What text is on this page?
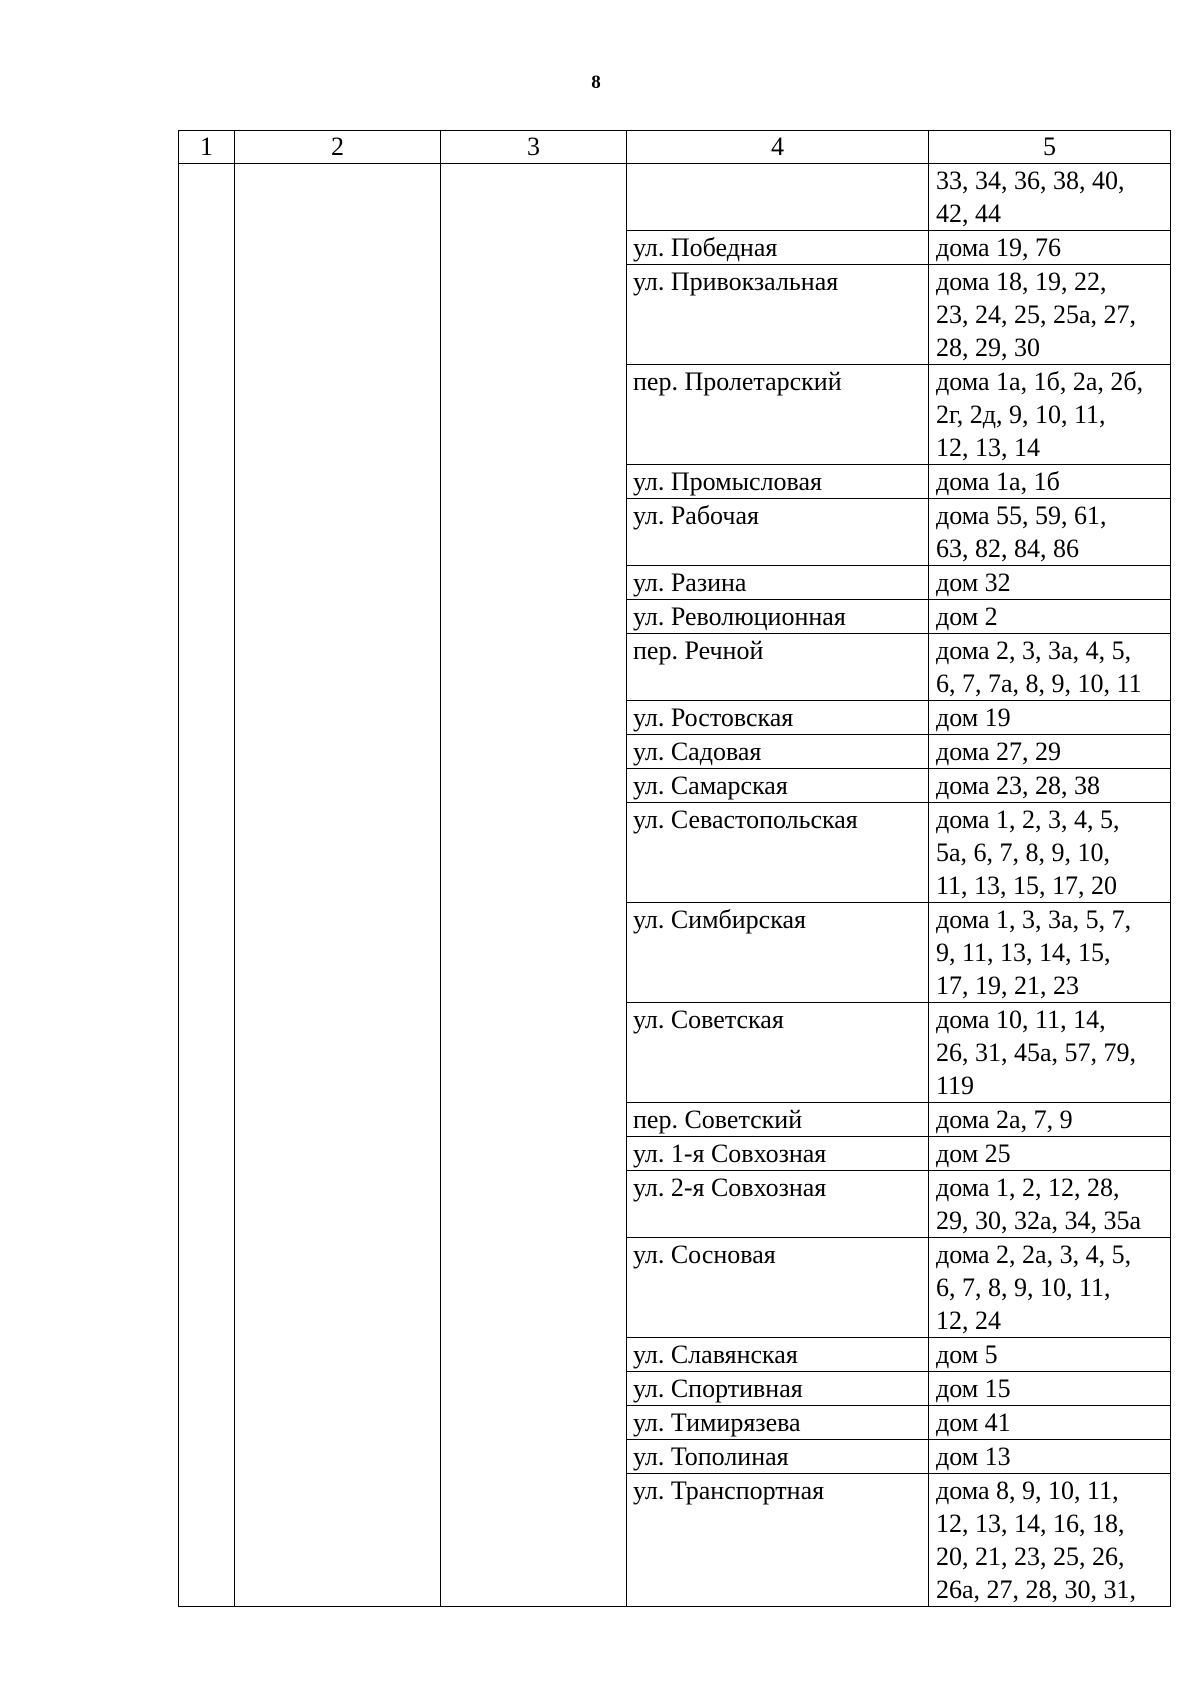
8
1	2	3	4	5

				33, 34, 36, 38, 40,
42, 44

			ул. Победная	дома 19, 76

			ул. Привокзальная	дома 18, 19, 22,
23, 24, 25, 25а, 27,
28, 29, 30

			пер. Пролетарский	дома 1а, 1б, 2а, 2б,
2г, 2д, 9, 10, 11,
12, 13, 14

			ул. Промысловая	дома 1а, 1б

			ул. Рабочая	дома 55, 59, 61,
63, 82, 84, 86

			ул. Разина	дом 32

			ул. Революционная	дом 2

			пер. Речной	дома 2, 3, 3а, 4, 5,
6, 7, 7а, 8, 9, 10, 11

			ул. Ростовская	дом 19

			ул. Садовая	дома 27, 29

			ул. Самарская	дома 23, 28, 38

			ул. Севастопольская	дома 1, 2, 3, 4, 5,
5а, 6, 7, 8, 9, 10,
11, 13, 15, 17, 20

			ул. Симбирская	дома 1, 3, 3а, 5, 7,
9, 11, 13, 14, 15,
17, 19, 21, 23

			ул. Советская	дома 10, 11, 14,
26, 31, 45а, 57, 79,
119

			пер. Советский	дома 2а, 7, 9

			ул. 1-я Совхозная	дом 25

			ул. 2-я Совхозная	дома 1, 2, 12, 28,
29, 30, 32а, 34, 35а

			ул. Сосновая	дома 2, 2а, 3, 4, 5,
6, 7, 8, 9, 10, 11,
12, 24

			ул. Славянская	дом 5

			ул. Спортивная	дом 15

			ул. Тимирязева	дом 41

			ул. Тополиная	дом 13

			ул. Транспортная	дома 8, 9, 10, 11,
12, 13, 14, 16, 18,
20, 21, 23, 25, 26,
26а, 27, 28, 30, 31,
